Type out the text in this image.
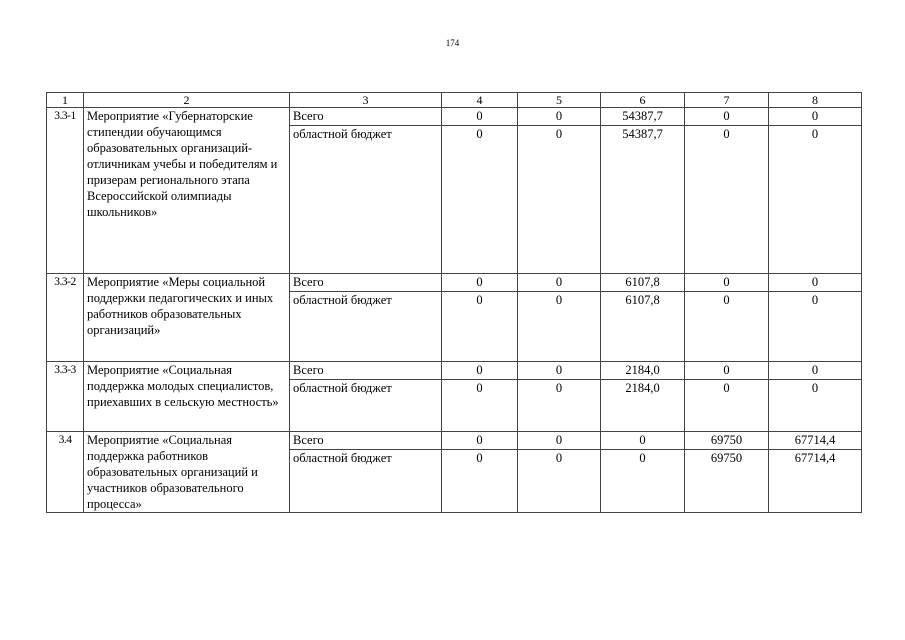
174
1	2	3	4	5	6	7	8
3.3-1	Мероприятие «Губернаторские стипендии обучающимся образовательных организаций-отличникам учебы и победителям и призерам регионального этапа Всероссийской олимпиады школьников»	Всего	0	0	54387,7	0	0
		областной бюджет	0	0	54387,7	0	0
3.3-2	Мероприятие «Меры социальной поддержки педагогических и иных работников образовательных организаций»	Всего	0	0	6107,8	0	0
		областной бюджет	0	0	6107,8	0	0
3.3-3	Мероприятие «Социальная поддержка молодых специалистов, приехавших в сельскую местность»	Всего	0	0	2184,0	0	0
		областной бюджет	0	0	2184,0	0	0
3.4	Мероприятие «Социальная поддержка работников образовательных организаций и участников образовательного процесса»	Всего	0	0	0	69750	67714,4
		областной бюджет	0	0	0	69750	67714,4
